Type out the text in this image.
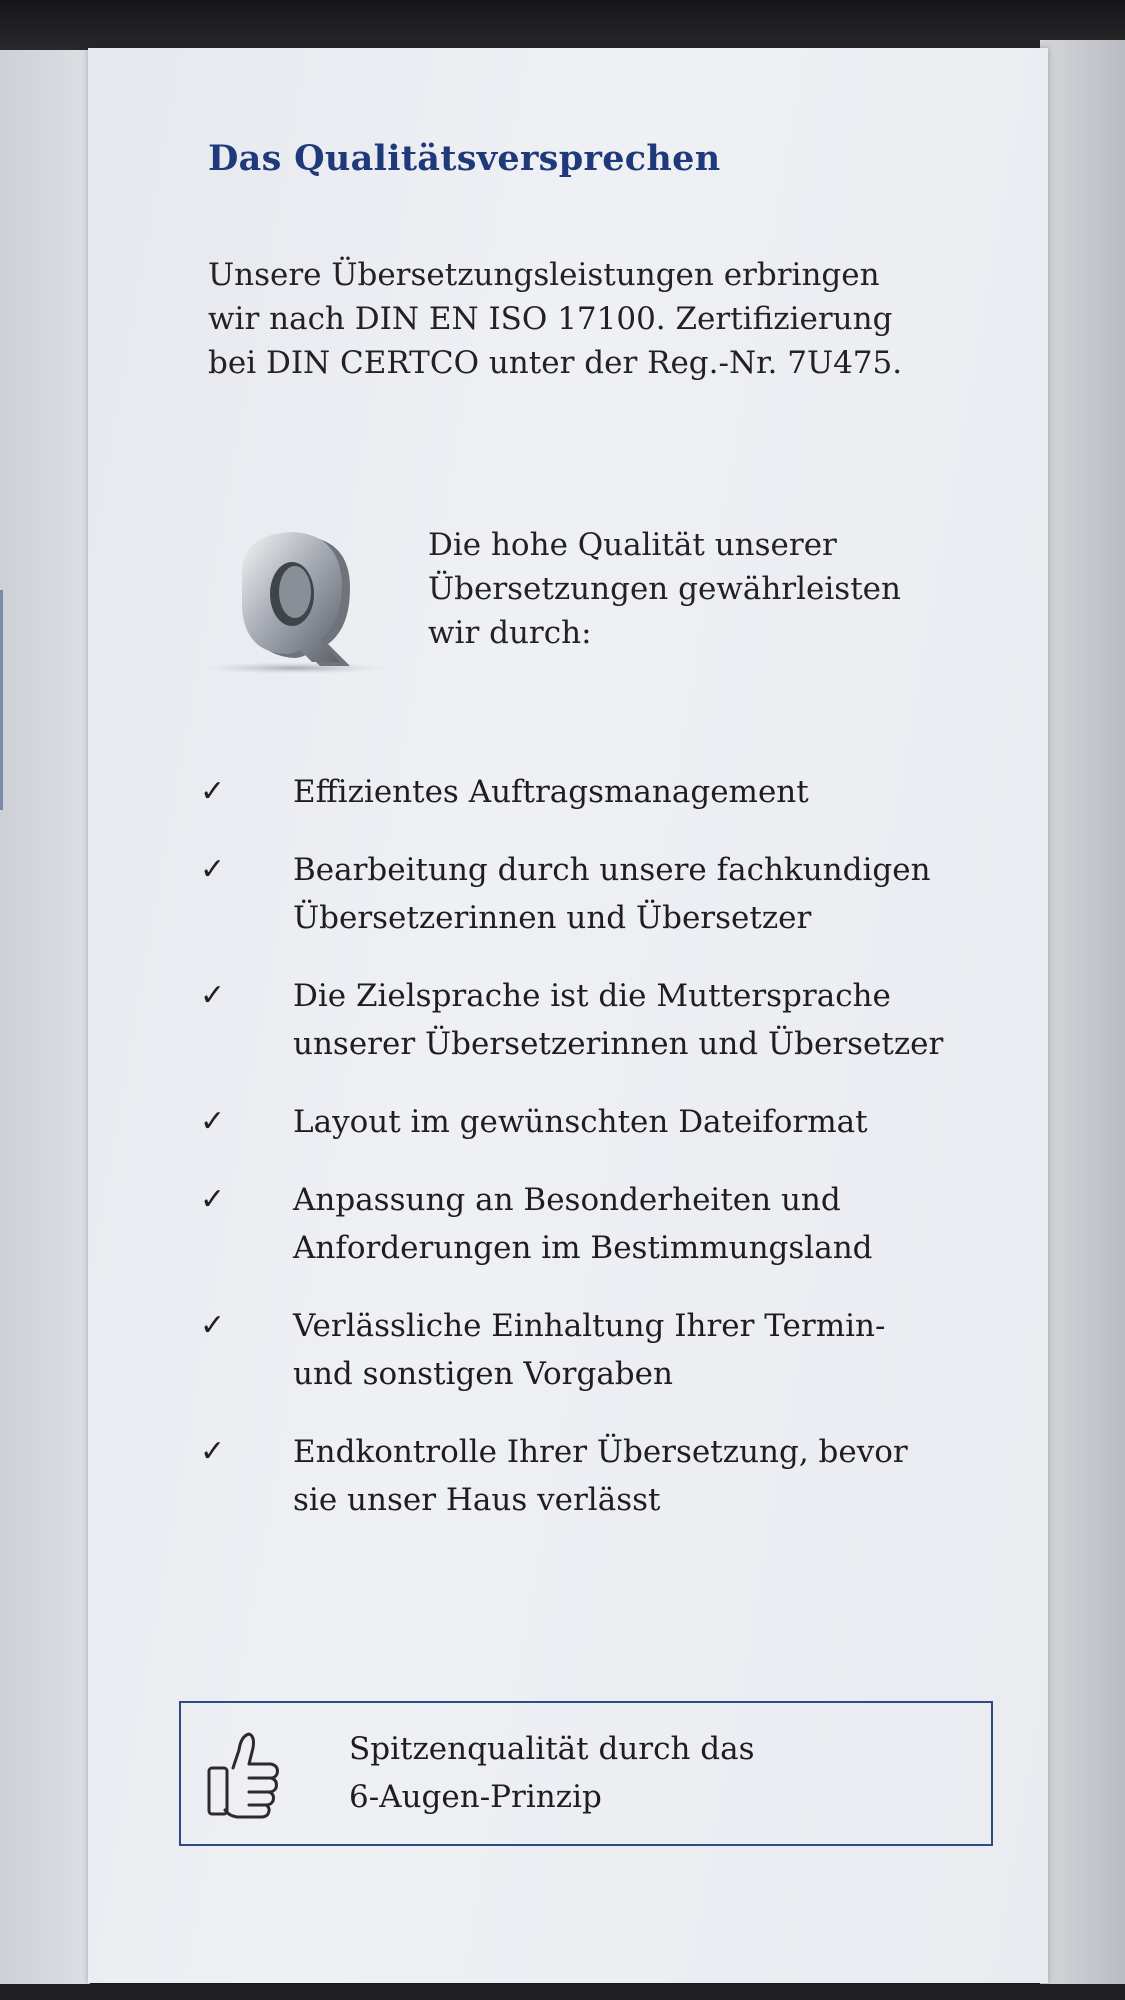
Das Qualitätsversprechen
Unsere Übersetzungsleistungen erbringen
wir nach DIN EN ISO 17100. Zertifizierung
bei DIN CERTCO unter der Reg.-Nr. 7U475.
Die hohe Qualität unserer
Übersetzungen gewährleisten
wir durch:
✓ Effizientes Auftragsmanagement
✓ Bearbeitung durch unsere fachkundigen
Übersetzerinnen und Übersetzer
✓ Die Zielsprache ist die Muttersprache
unserer Übersetzerinnen und Übersetzer
✓ Layout im gewünschten Dateiformat
✓ Anpassung an Besonderheiten und
Anforderungen im Bestimmungsland
✓ Verlässliche Einhaltung Ihrer Termin-
und sonstigen Vorgaben
✓ Endkontrolle Ihrer Übersetzung, bevor
sie unser Haus verlässt
Spitzenqualität durch das
6-Augen-Prinzip
